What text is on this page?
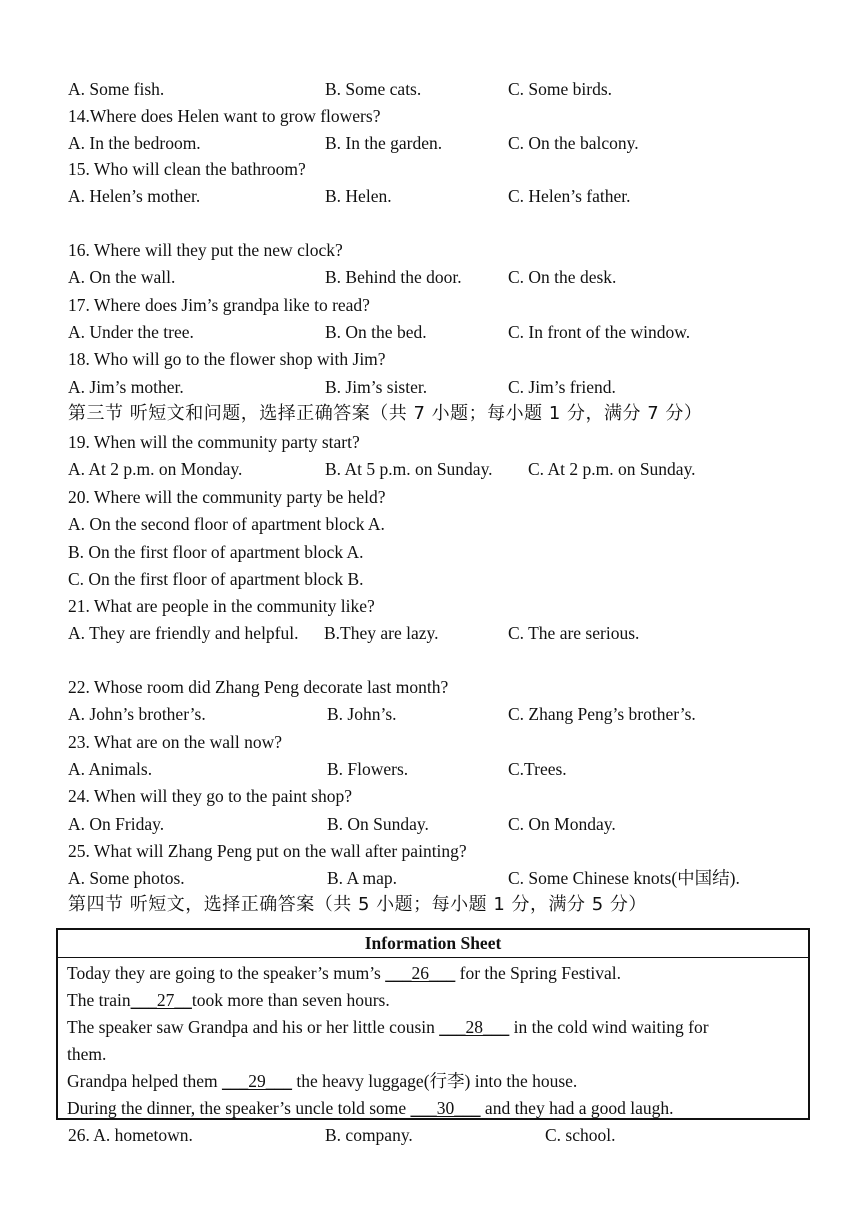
A. Some fish.	B. Some cats.	C. Some birds.
14.Where does Helen want to grow flowers?
A. In the bedroom.	B. In the garden.	C. On the balcony.
15. Who will clean the bathroom?
A. Helen’s mother.	B. Helen.	C. Helen’s father.
16. Where will they put the new clock?
A. On the wall.	B. Behind the door.	C. On the desk.
17. Where does Jim’s grandpa like to read?
A. Under the tree.	B. On the bed.	C. In front of the window.
18. Who will go to the flower shop with Jim?
A. Jim’s mother.	B. Jim’s sister.	C. Jim’s friend.
第三节 听短文和问题，选择正确答案（共 7 小题；每小题 1 分，满分 7 分）
19. When will the community party start?
A. At 2 p.m. on Monday.	B. At 5 p.m. on Sunday. C. At 2 p.m. on Sunday.
20. Where will the community party be held?
A. On the second floor of apartment block A.
B. On the first floor of apartment block A.
C. On the first floor of apartment block B.
21. What are people in the community like?
A. They are friendly and helpful. B.They are lazy.	C. The are serious.
22. Whose room did Zhang Peng decorate last month?
A. John’s brother’s.	B. John’s.	C. Zhang Peng’s brother’s.
23. What are on the wall now?
A. Animals.	B. Flowers.	C.Trees.
24. When will they go to the paint shop?
A. On Friday.	B. On Sunday.	C. On Monday.
25. What will Zhang Peng put on the wall after painting?
A. Some photos.	B. A map.	C. Some Chinese knots(中国结).
第四节 听短文，选择正确答案（共 5 小题；每小题 1 分，满分 5 分）
Information Sheet
Today they are going to the speaker’s mum’s ___26___ for the Spring Festival.
The train___27__took more than seven hours.
The speaker saw Grandpa and his or her little cousin ___28___ in the cold wind waiting for
them.
Grandpa helped them ___29___ the heavy luggage(行李) into the house.
During the dinner, the speaker’s uncle told some ___30___ and they had a good laugh.
26. A. hometown.	B. company.	C. school.
